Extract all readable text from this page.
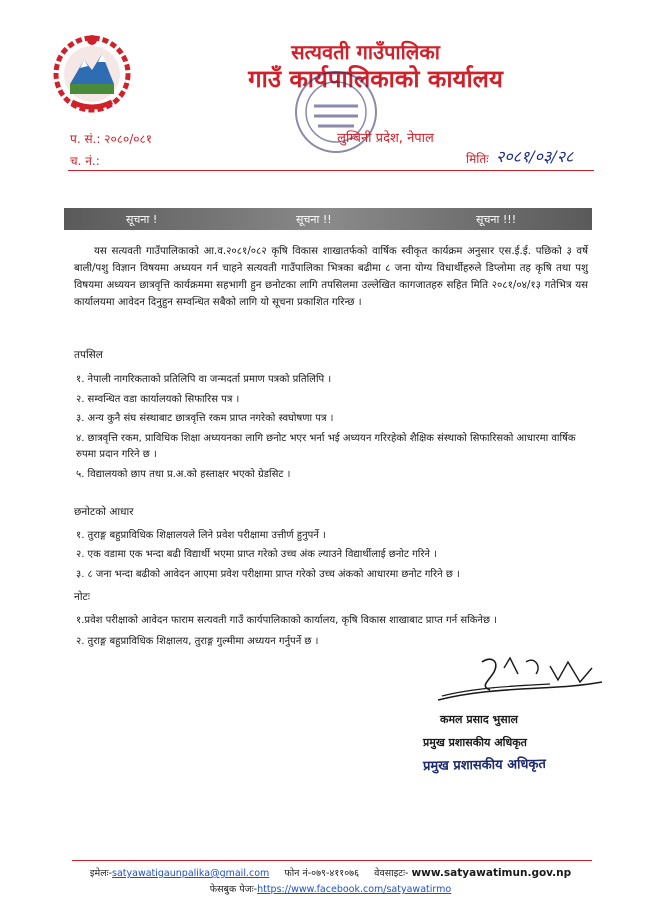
सत्यवती गाउँपालिका
गाउँ कार्यपालिकाको कार्यालय
लुम्बिनी प्रदेश, नेपाल
प. सं.: २०८०/०८१
च. नं.:	मितिः २०८१/०३/२८
सूचना !	सूचना !!	सूचना !!!
यस सत्यवती गाउँपालिकाको आ.व.२०८१/०८२ कृषि विकास शाखातर्फको वार्षिक स्वीकृत कार्यक्रम अनुसार एस.ई.ई. पछिको ३ वर्षे बाली/पशु विज्ञान विषयमा अध्ययन गर्न चाहने सत्यवती गाउँपालिका भित्रका बढीमा ८ जना योग्य विधार्थीहरुले डिप्लोमा तह कृषि तथा पशु विषयमा अध्ययन छात्रवृत्ति कार्यक्रममा सहभागी हुन छनोटका लागि तपसिलमा उल्लेखित कागजातहरु सहित मिति २०८१/०४/१३ गतेभित्र यस कार्यालयमा आवेदन दिनुहुन सम्वन्धित सबैको लागि यो सूचना प्रकाशित गरिन्छ ।
तपसिल
१. नेपाली नागरिकताको प्रतिलिपि वा जन्मदर्ता प्रमाण पत्रको प्रतिलिपि ।
२. सम्वन्धित वडा कार्यालयको सिफारिस पत्र ।
३. अन्य कुनै संघ संस्थाबाट छात्रवृत्ति रकम प्राप्त नगरेको स्वघोषणा पत्र ।
४. छात्रवृत्ति रकम, प्राविधिक शिक्षा अध्ययनका लागि छनोट भएर भर्ना भई अध्ययन गरिरहेको शैक्षिक संस्थाको सिफारिसको आधारमा वार्षिक रुपमा प्रदान गरिने छ ।
५. विद्यालयको छाप तथा प्र.अ.को हस्ताक्षर भएको ग्रेडसिट ।
छनोटको आधार
१. तुराङ्ग बहुप्राविधिक शिक्षालयले लिने प्रवेश परीक्षामा उत्तीर्ण हुनुपर्ने ।
२. एक वडामा एक भन्दा बढी विद्यार्थी भएमा प्राप्त गरेको उच्च अंक ल्याउने विद्यार्थीलाई छनोट गरिने ।
३. ८ जना भन्दा बढीको आवेदन आएमा प्रवेश परीक्षामा प्राप्त गरेको उच्च अंकको आधारमा छनोट गरिने छ ।
नोटः
१.प्रवेश परीक्षाको आवेदन फाराम सत्यवती गाउँ कार्यपालिकाको कार्यालय, कृषि विकास शाखाबाट प्राप्त गर्न सकिनेछ ।
२. तुराङ्ग बहुप्राविधिक शिक्षालय, तुराङ्ग गुल्मीमा अध्ययन गर्नुपर्ने छ ।
कमल प्रसाद भुसाल
प्रमुख प्रशासकीय अधिकृत
प्रमुख प्रशासकीय अधिकृत
इमेलः-satyawatigaunpalika@gmail.com फोन नं-०७९-४११०७६ वेवसाइटः- www.satyawatimun.gov.np
फेसबुक पेजः-https://www.facebook.com/satyawatirmo
